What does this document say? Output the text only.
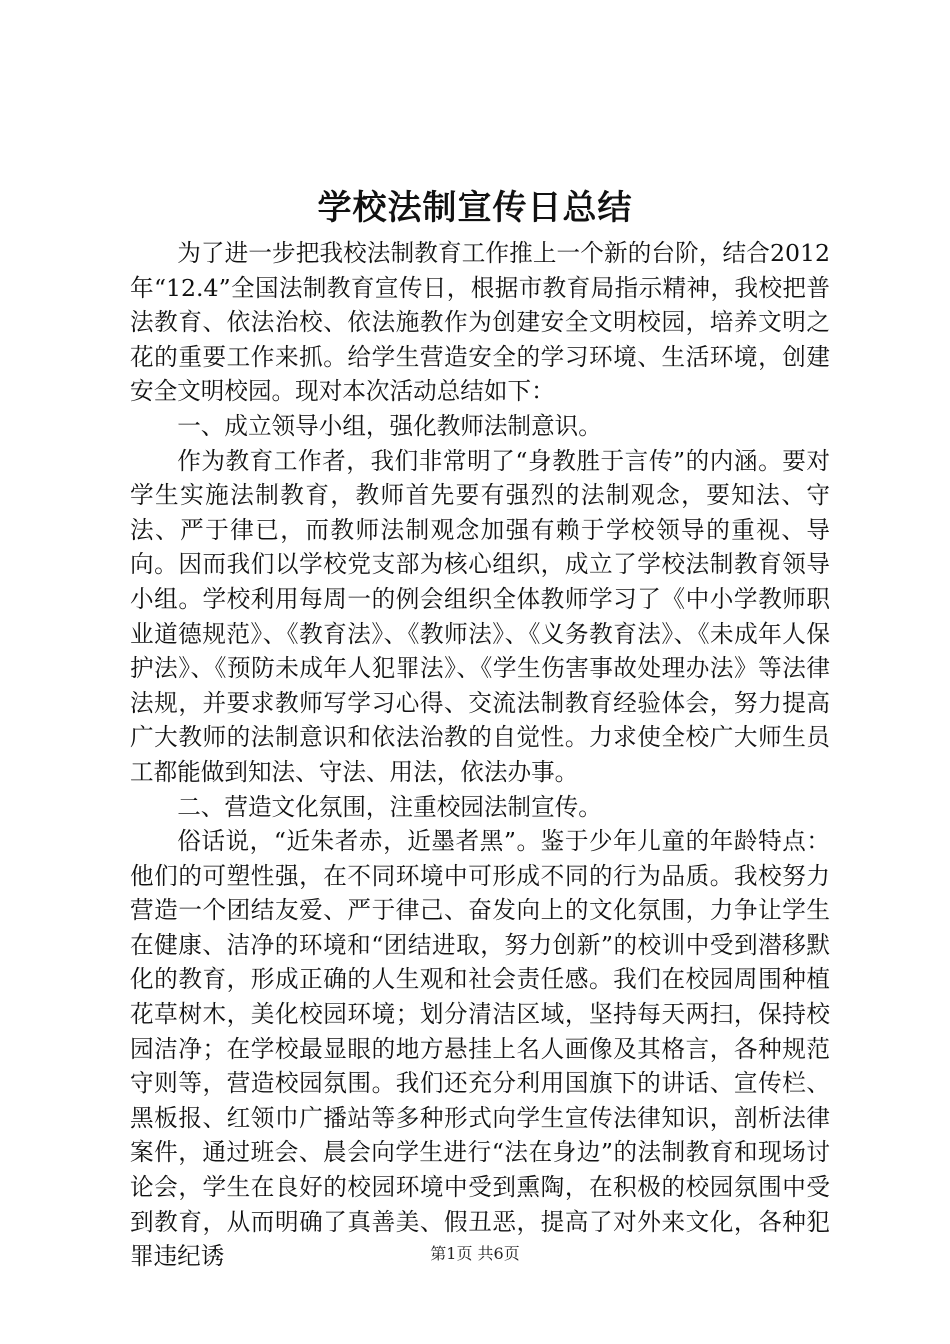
学校法制宣传日总结

为了进一步把我校法制教育工作推上一个新的台阶，结合2012年“12.4”全国法制教育宣传日，根据市教育局指示精神，我校把普法教育、依法治校、依法施教作为创建安全文明校园，培养文明之花的重要工作来抓。给学生营造安全的学习环境、生活环境，创建安全文明校园。现对本次活动总结如下：

一、成立领导小组，强化教师法制意识。

作为教育工作者，我们非常明了“身教胜于言传”的内涵。要对学生实施法制教育，教师首先要有强烈的法制观念，要知法、守法、严于律已，而教师法制观念加强有赖于学校领导的重视、导向。因而我们以学校党支部为核心组织，成立了学校法制教育领导小组。学校利用每周一的例会组织全体教师学习了《中小学教师职业道德规范》、《教育法》、《教师法》、《义务教育法》、《未成年人保护法》、《预防未成年人犯罪法》、《学生伤害事故处理办法》等法律法规，并要求教师写学习心得、交流法制教育经验体会，努力提高广大教师的法制意识和依法治教的自觉性。力求使全校广大师生员工都能做到知法、守法、用法，依法办事。

二、营造文化氛围，注重校园法制宣传。

俗话说，“近朱者赤，近墨者黑”。鉴于少年儿童的年龄特点：他们的可塑性强，在不同环境中可形成不同的行为品质。我校努力营造一个团结友爱、严于律己、奋发向上的文化氛围，力争让学生在健康、洁净的环境和“团结进取，努力创新”的校训中受到潜移默化的教育，形成正确的人生观和社会责任感。我们在校园周围种植花草树木，美化校园环境；划分清洁区域，坚持每天两扫，保持校园洁净；在学校最显眼的地方悬挂上名人画像及其格言，各种规范守则等，营造校园氛围。我们还充分利用国旗下的讲话、宣传栏、黑板报、红领巾广播站等多种形式向学生宣传法律知识，剖析法律案件，通过班会、晨会向学生进行“法在身边”的法制教育和现场讨论会，学生在良好的校园环境中受到熏陶，在积极的校园氛围中受到教育，从而明确了真善美、假丑恶，提高了对外来文化，各种犯罪违纪诱	第1页 共6页
